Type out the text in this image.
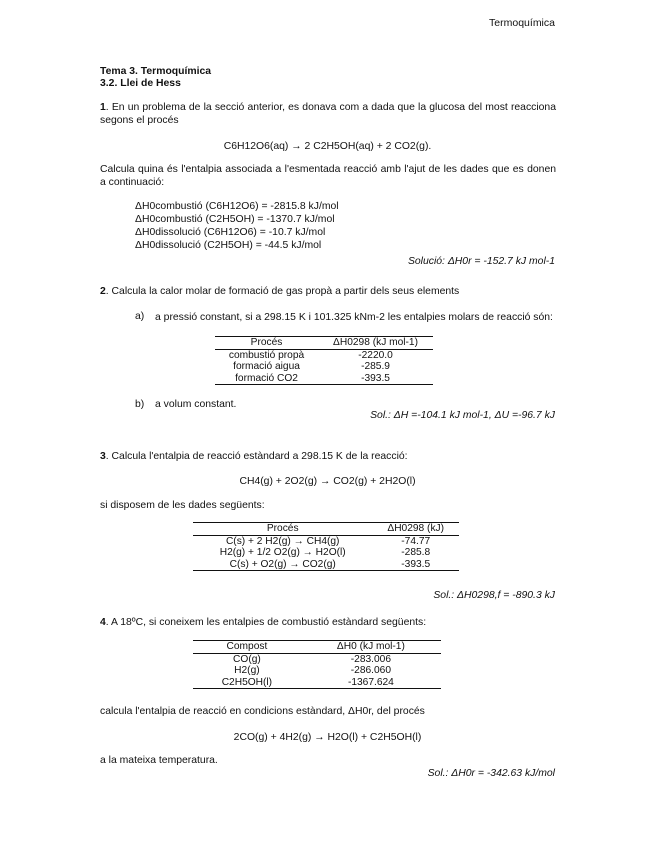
Termoquímica
Tema 3. Termoquímica
3.2. Llei de Hess

1. En un problema de la secció anterior, es donava com a dada que la glucosa del most reacciona segons el procés

C6H12O6(aq) → 2 C2H5OH(aq) + 2 CO2(g).

Calcula quina és l'entalpia associada a l'esmentada reacció amb l'ajut de les dades que es donen a continuació:

ΔH0combustió (C6H12O6) = -2815.8 kJ/mol
ΔH0combustió (C2H5OH) = -1370.7 kJ/mol
ΔH0dissolució (C6H12O6) = -10.7 kJ/mol
ΔH0dissolució (C2H5OH) = -44.5 kJ/mol
Solució: ΔH0r = -152.7 kJ mol-1

2. Calcula la calor molar de formació de gas propà a partir dels seus elements

a) a pressió constant, si a 298.15 K i 101.325 kNm-2 les entalpies molars de reacció són:

Procés	ΔH0298 (kJ mol-1)
combustió propà	-2220.0
formació aigua	-285.9
formació CO2	-393.5
b) a volum constant.
Sol.: ΔH =-104.1 kJ mol-1, ΔU =-96.7 kJ

3. Calcula l'entalpia de reacció estàndard a 298.15 K de la reacció:

CH4(g) + 2O2(g) → CO2(g) + 2H2O(l)
si disposem de les dades següents:
Procés	ΔH0298 (kJ)
C(s) + 2 H2(g) → CH4(g)	-74.77
H2(g) + 1/2 O2(g) → H2O(l)	-285.8
C(s) + O2(g) → CO2(g)	-393.5
Sol.: ΔH0298,f = -890.3 kJ

4. A 18ºC, si coneixem les entalpies de combustió estàndard següents:

Compost	ΔH0 (kJ mol-1)
CO(g)	-283.006
H2(g)	-286.060
C2H5OH(l)	-1367.624
calcula l'entalpia de reacció en condicions estàndard, ΔH0r, del procés
2CO(g) + 4H2(g) → H2O(l) + C2H5OH(l)
a la mateixa temperatura.
Sol.: ΔH0r = -342.63 kJ/mol
